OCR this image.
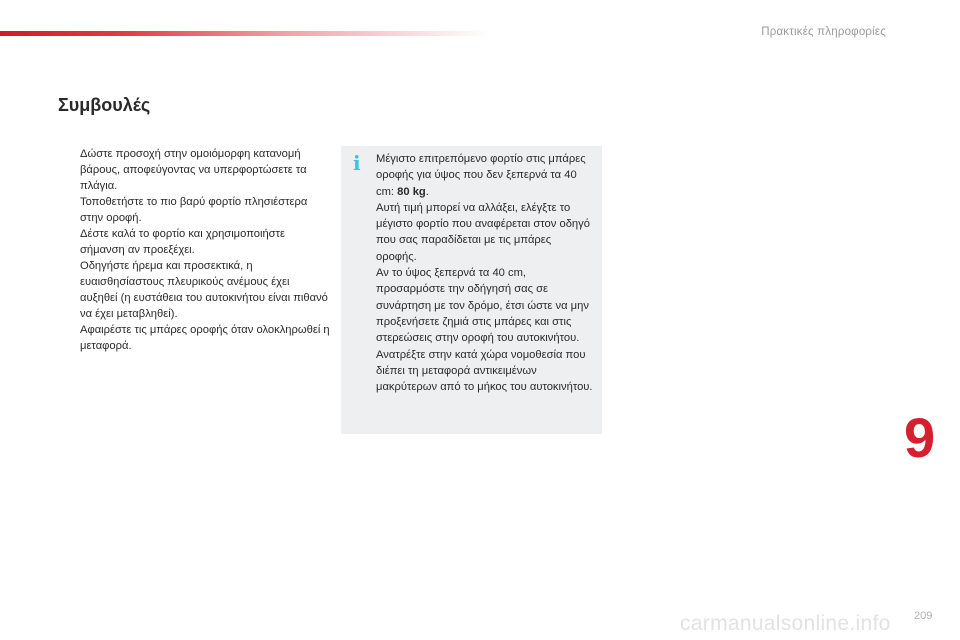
Πρακτικές πληροφορίες
Συμβουλές
Δώστε προσοχή στην ομοιόμορφη κατανομή βάρους, αποφεύγοντας να υπερφορτώσετε τα πλάγια.
Τοποθετήστε το πιο βαρύ φορτίο πλησιέστερα στην οροφή.
Δέστε καλά το φορτίο και χρησιμοποιήστε σήμανση αν προεξέχει.
Οδηγήστε ήρεμα και προσεκτικά, η ευαισθησίαστους πλευρικούς ανέμους έχει αυξηθεί (η ευστάθεια του αυτοκινήτου είναι πιθανό να έχει μεταβληθεί).
Αφαιρέστε τις μπάρες οροφής όταν ολοκληρωθεί η μεταφορά.
i Μέγιστο επιτρεπόμενο φορτίο στις μπάρες οροφής για ύψος που δεν ξεπερνά τα 40 cm: 80 kg.

Αυτή τιμή μπορεί να αλλάξει, ελέγξτε το μέγιστο φορτίο που αναφέρεται στον οδηγό που σας παραδίδεται με τις μπάρες οροφής.

Αν το ύψος ξεπερνά τα 40 cm, προσαρμόστε την οδήγησή σας σε συνάρτηση με τον δρόμο, έτσι ώστε να μην προξενήσετε ζημιά στις μπάρες και στις στερεώσεις στην οροφή του αυτοκινήτου.

Ανατρέξτε στην κατά χώρα νομοθεσία που διέπει τη μεταφορά αντικειμένων μακρύτερων από το μήκος του αυτοκινήτου.

9
209
carmanualsonline.info
